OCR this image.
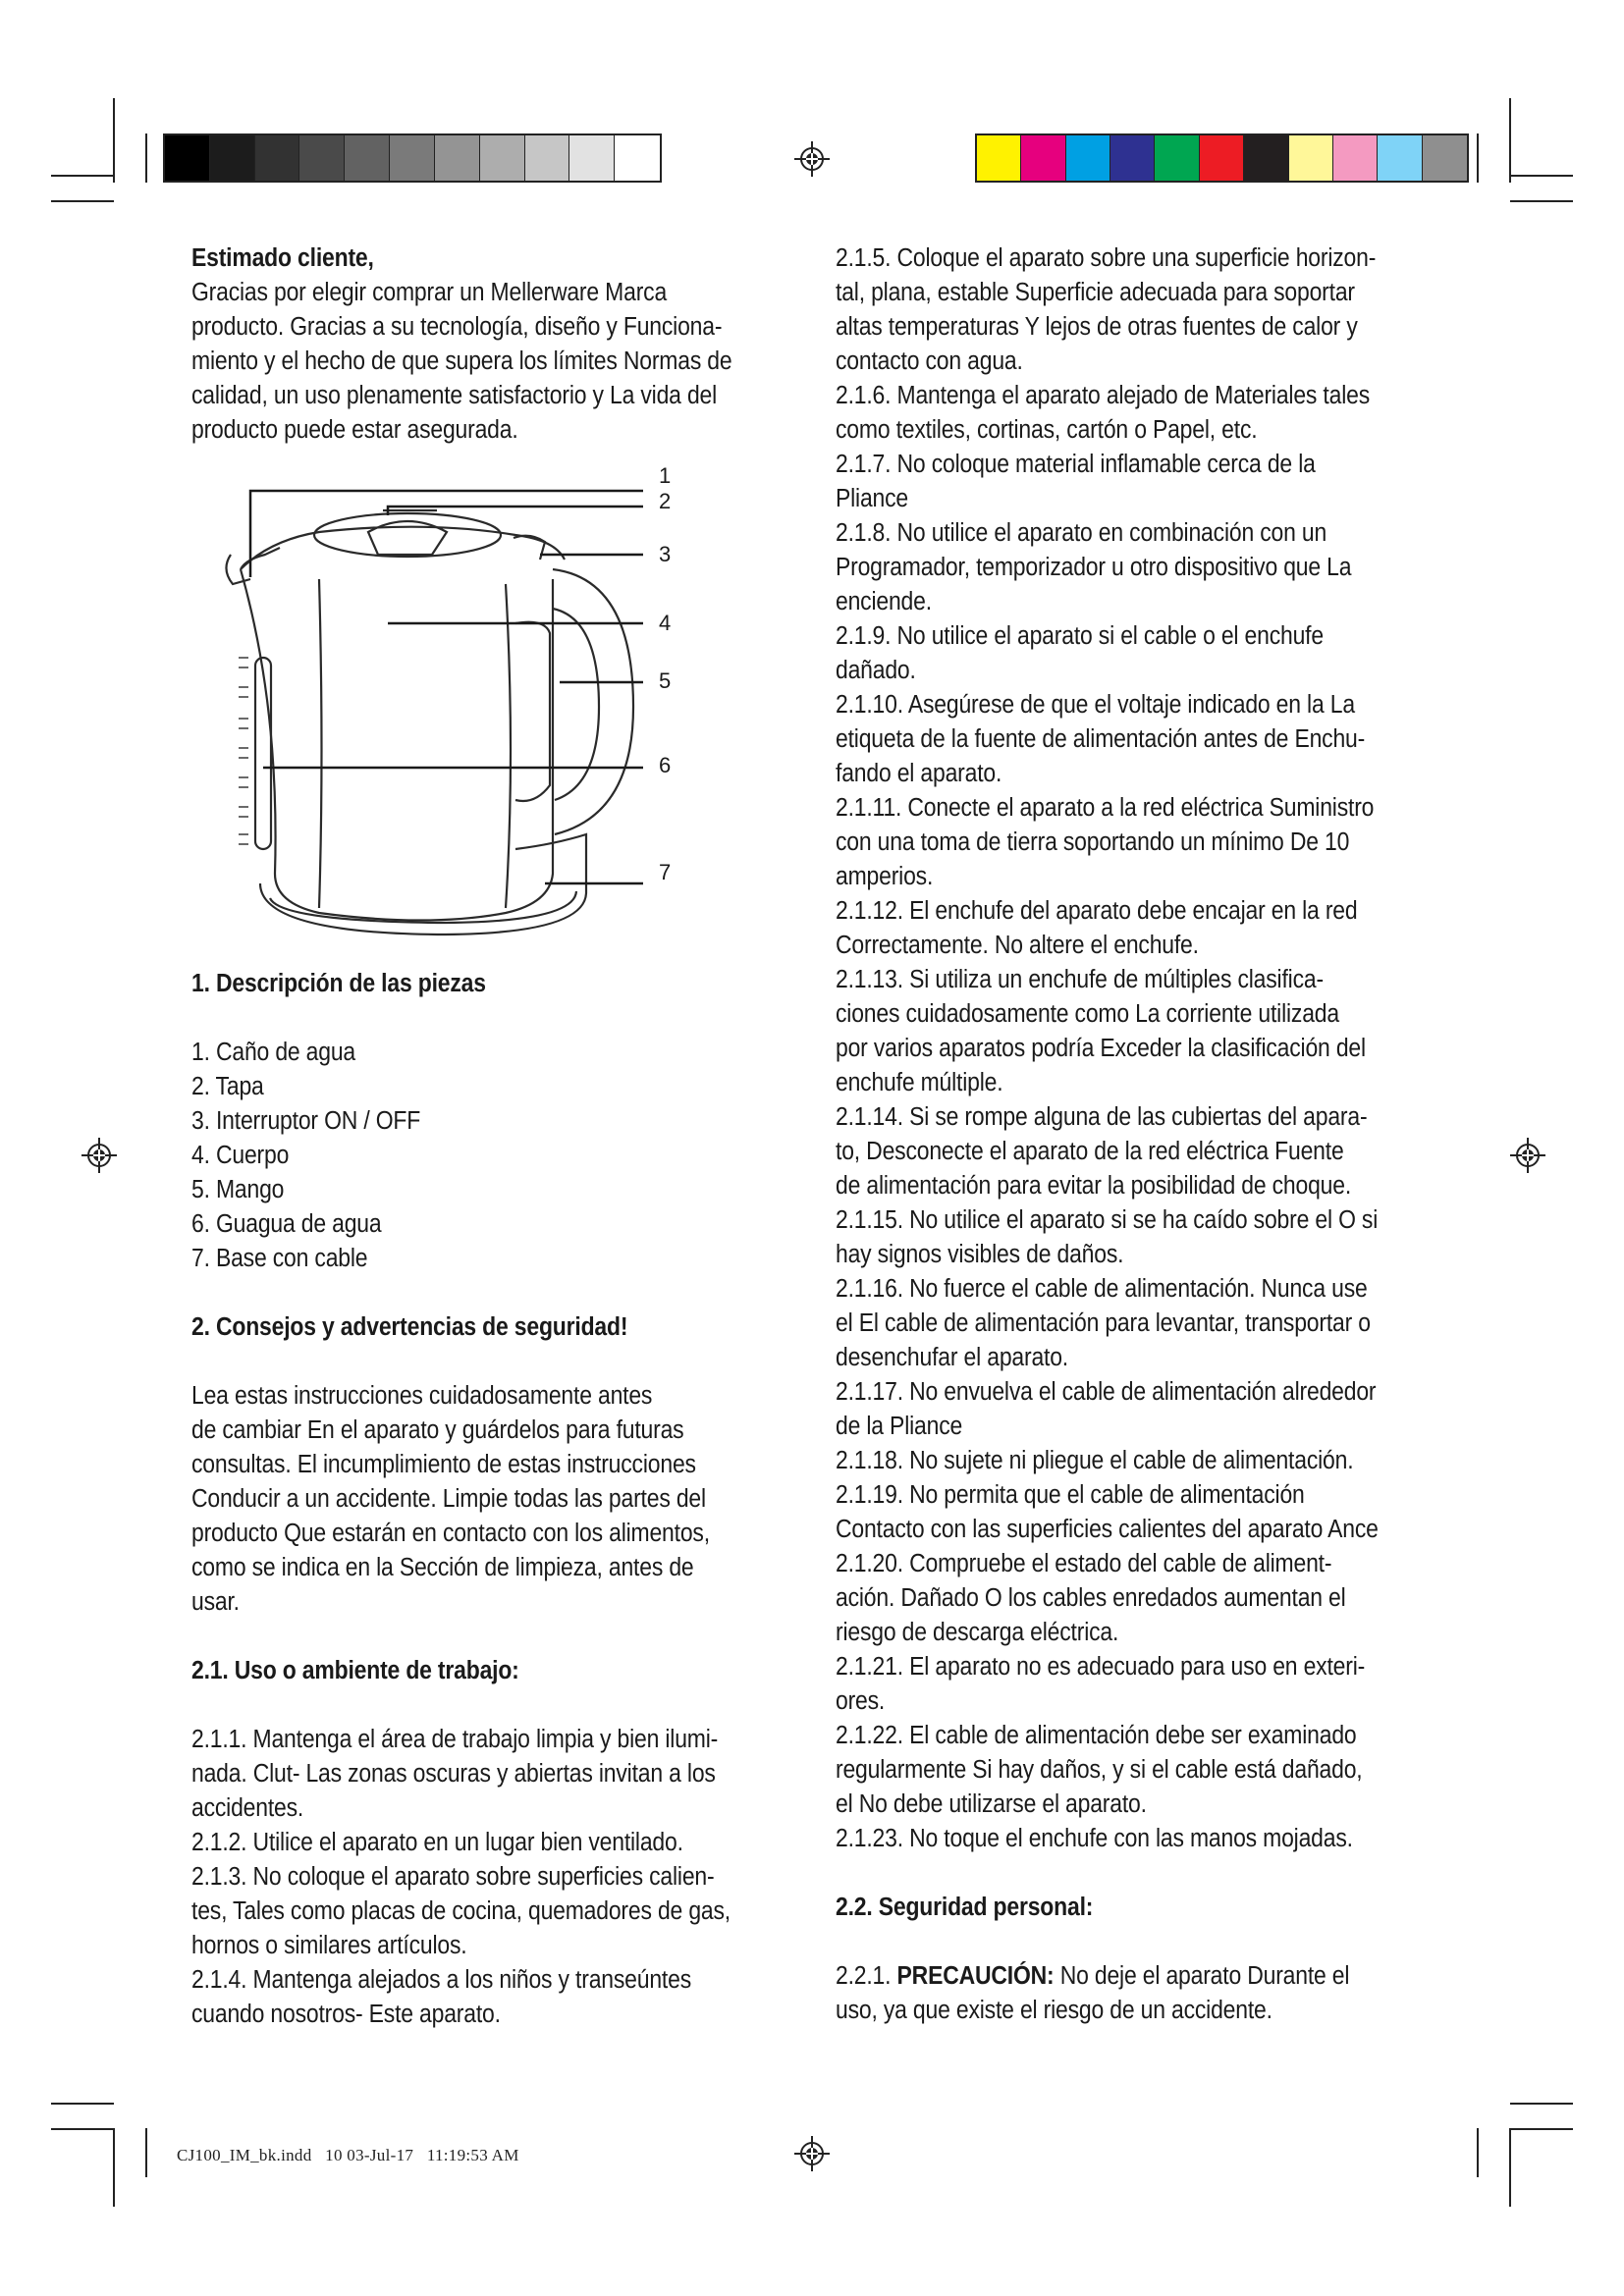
Estimado cliente,

Gracias por elegir comprar un Mellerware Marca

producto. Gracias a su tecnología, diseño y Funciona-

miento y el hecho de que supera los límites Normas de

calidad, un uso plenamente satisfactorio y La vida del

producto puede estar asegurada.

1
2
3
4
5
6
7

1. Descripción de las piezas

1. Caño de agua

2. Tapa

3. Interruptor ON / OFF

4. Cuerpo

5. Mango

6. Guagua de agua

7. Base con cable

2. Consejos y advertencias de seguridad!

Lea estas instrucciones cuidadosamente antes

de cambiar En el aparato y guárdelos para futuras

consultas. El incumplimiento de estas instrucciones

Conducir a un accidente. Limpie todas las partes del

producto Que estarán en contacto con los alimentos,

como se indica en la Sección de limpieza, antes de

usar.

2.1. Uso o ambiente de trabajo:

2.1.1. Mantenga el área de trabajo limpia y bien ilumi-

nada. Clut- Las zonas oscuras y abiertas invitan a los

accidentes.

2.1.2. Utilice el aparato en un lugar bien ventilado.

2.1.3. No coloque el aparato sobre superficies calien-

tes, Tales como placas de cocina, quemadores de gas,

hornos o similares artículos.

2.1.4. Mantenga alejados a los niños y transeúntes

cuando nosotros- Este aparato.

2.1.5. Coloque el aparato sobre una superficie horizon-

tal, plana, estable Superficie adecuada para soportar

altas temperaturas Y lejos de otras fuentes de calor y

contacto con agua.

2.1.6. Mantenga el aparato alejado de Materiales tales

como textiles, cortinas, cartón o Papel, etc.

2.1.7. No coloque material inflamable cerca de la

Pliance

2.1.8. No utilice el aparato en combinación con un

Programador, temporizador u otro dispositivo que La

enciende.

2.1.9. No utilice el aparato si el cable o el enchufe

dañado.

2.1.10. Asegúrese de que el voltaje indicado en la La

etiqueta de la fuente de alimentación antes de Enchu-

fando el aparato.

2.1.11. Conecte el aparato a la red eléctrica Suministro

con una toma de tierra soportando un mínimo De 10

amperios.

2.1.12. El enchufe del aparato debe encajar en la red

Correctamente. No altere el enchufe.

2.1.13. Si utiliza un enchufe de múltiples clasifica-

ciones cuidadosamente como La corriente utilizada

por varios aparatos podría Exceder la clasificación del

enchufe múltiple.

2.1.14. Si se rompe alguna de las cubiertas del apara-

to, Desconecte el aparato de la red eléctrica Fuente

de alimentación para evitar la posibilidad de choque.

2.1.15. No utilice el aparato si se ha caído sobre el O si

hay signos visibles de daños.

2.1.16. No fuerce el cable de alimentación. Nunca use

el El cable de alimentación para levantar, transportar o

desenchufar el aparato.

2.1.17. No envuelva el cable de alimentación alrededor

de la Pliance

2.1.18. No sujete ni pliegue el cable de alimentación.

2.1.19. No permita que el cable de alimentación

Contacto con las superficies calientes del aparato Ance

2.1.20. Compruebe el estado del cable de aliment-

ación. Dañado O los cables enredados aumentan el

riesgo de descarga eléctrica.

2.1.21. El aparato no es adecuado para uso en exteri-

ores.

2.1.22. El cable de alimentación debe ser examinado

regularmente Si hay daños, y si el cable está dañado,

el No debe utilizarse el aparato.

2.1.23. No toque el enchufe con las manos mojadas.

2.2. Seguridad personal:

2.2.1. PRECAUCIÓN: No deje el aparato Durante el

uso, ya que existe el riesgo de un accidente.

CJ100_IM_bk.indd   10 03-Jul-17   11:19:53 AM
